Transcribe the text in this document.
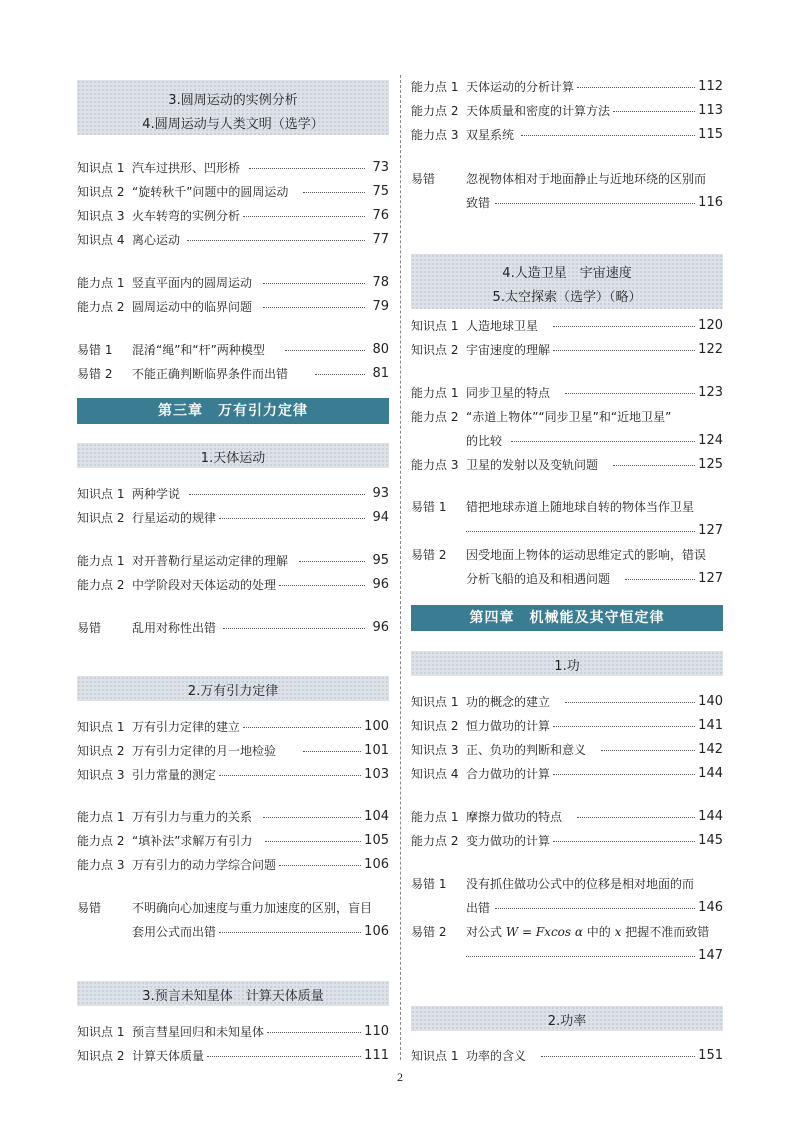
3.圆周运动的实例分析
4.圆周运动与人类文明（选学）
知识点 1 汽车过拱形、凹形桥	73
知识点 2 “旋转秋千”问题中的圆周运动	75
知识点 3 火车转弯的实例分析	76
知识点 4 离心运动	77
能力点 1 竖直平面内的圆周运动	78
能力点 2 圆周运动中的临界问题	79
易错 1 混淆“绳”和“杆”两种模型	80
易错 2 不能正确判断临界条件而出错	81
第三章　万有引力定律
1.天体运动
知识点 1 两种学说	93
知识点 2 行星运动的规律	94
能力点 1 对开普勒行星运动定律的理解	95
能力点 2 中学阶段对天体运动的处理	96
易错	乱用对称性出错	96
2.万有引力定律
知识点 1 万有引力定律的建立	100
知识点 2 万有引力定律的月一地检验	101
知识点 3 引力常量的测定	103
能力点 1 万有引力与重力的关系	104
能力点 2 “填补法”求解万有引力	105
能力点 3 万有引力的动力学综合问题	106
易错	不明确向心加速度与重力加速度的区别，盲目
套用公式而出错	106
3.预言未知星体　计算天体质量
知识点 1 预言彗星回归和未知星体	110
知识点 2 计算天体质量	111
能力点 1 天体运动的分析计算	112
能力点 2 天体质量和密度的计算方法	113
能力点 3 双星系统	115
易错	忽视物体相对于地面静止与近地环绕的区别而
致错	116
4.人造卫星　宇宙速度
5.太空探索（选学）（略）
知识点 1 人造地球卫星	120
知识点 2 宇宙速度的理解	122
能力点 1 同步卫星的特点	123
能力点 2 “赤道上物体”“同步卫星”和“近地卫星”
的比较	124
能力点 3 卫星的发射以及变轨问题	125
易错 1 错把地球赤道上随地球自转的物体当作卫星
127
易错 2 因受地面上物体的运动思维定式的影响，错误
分析飞船的追及和相遇问题	127
第四章　机械能及其守恒定律
1.功
知识点 1 功的概念的建立	140
知识点 2 恒力做功的计算	141
知识点 3 正、负功的判断和意义	142
知识点 4 合力做功的计算	144
能力点 1 摩擦力做功的特点	144
能力点 2 变力做功的计算	145
易错 1 没有抓住做功公式中的位移是相对地面的而
出错	146
易错 2 对公式 W = Fxcos α 中的 x 把握不准而致错
147
2.功率
知识点 1 功率的含义	151
2
